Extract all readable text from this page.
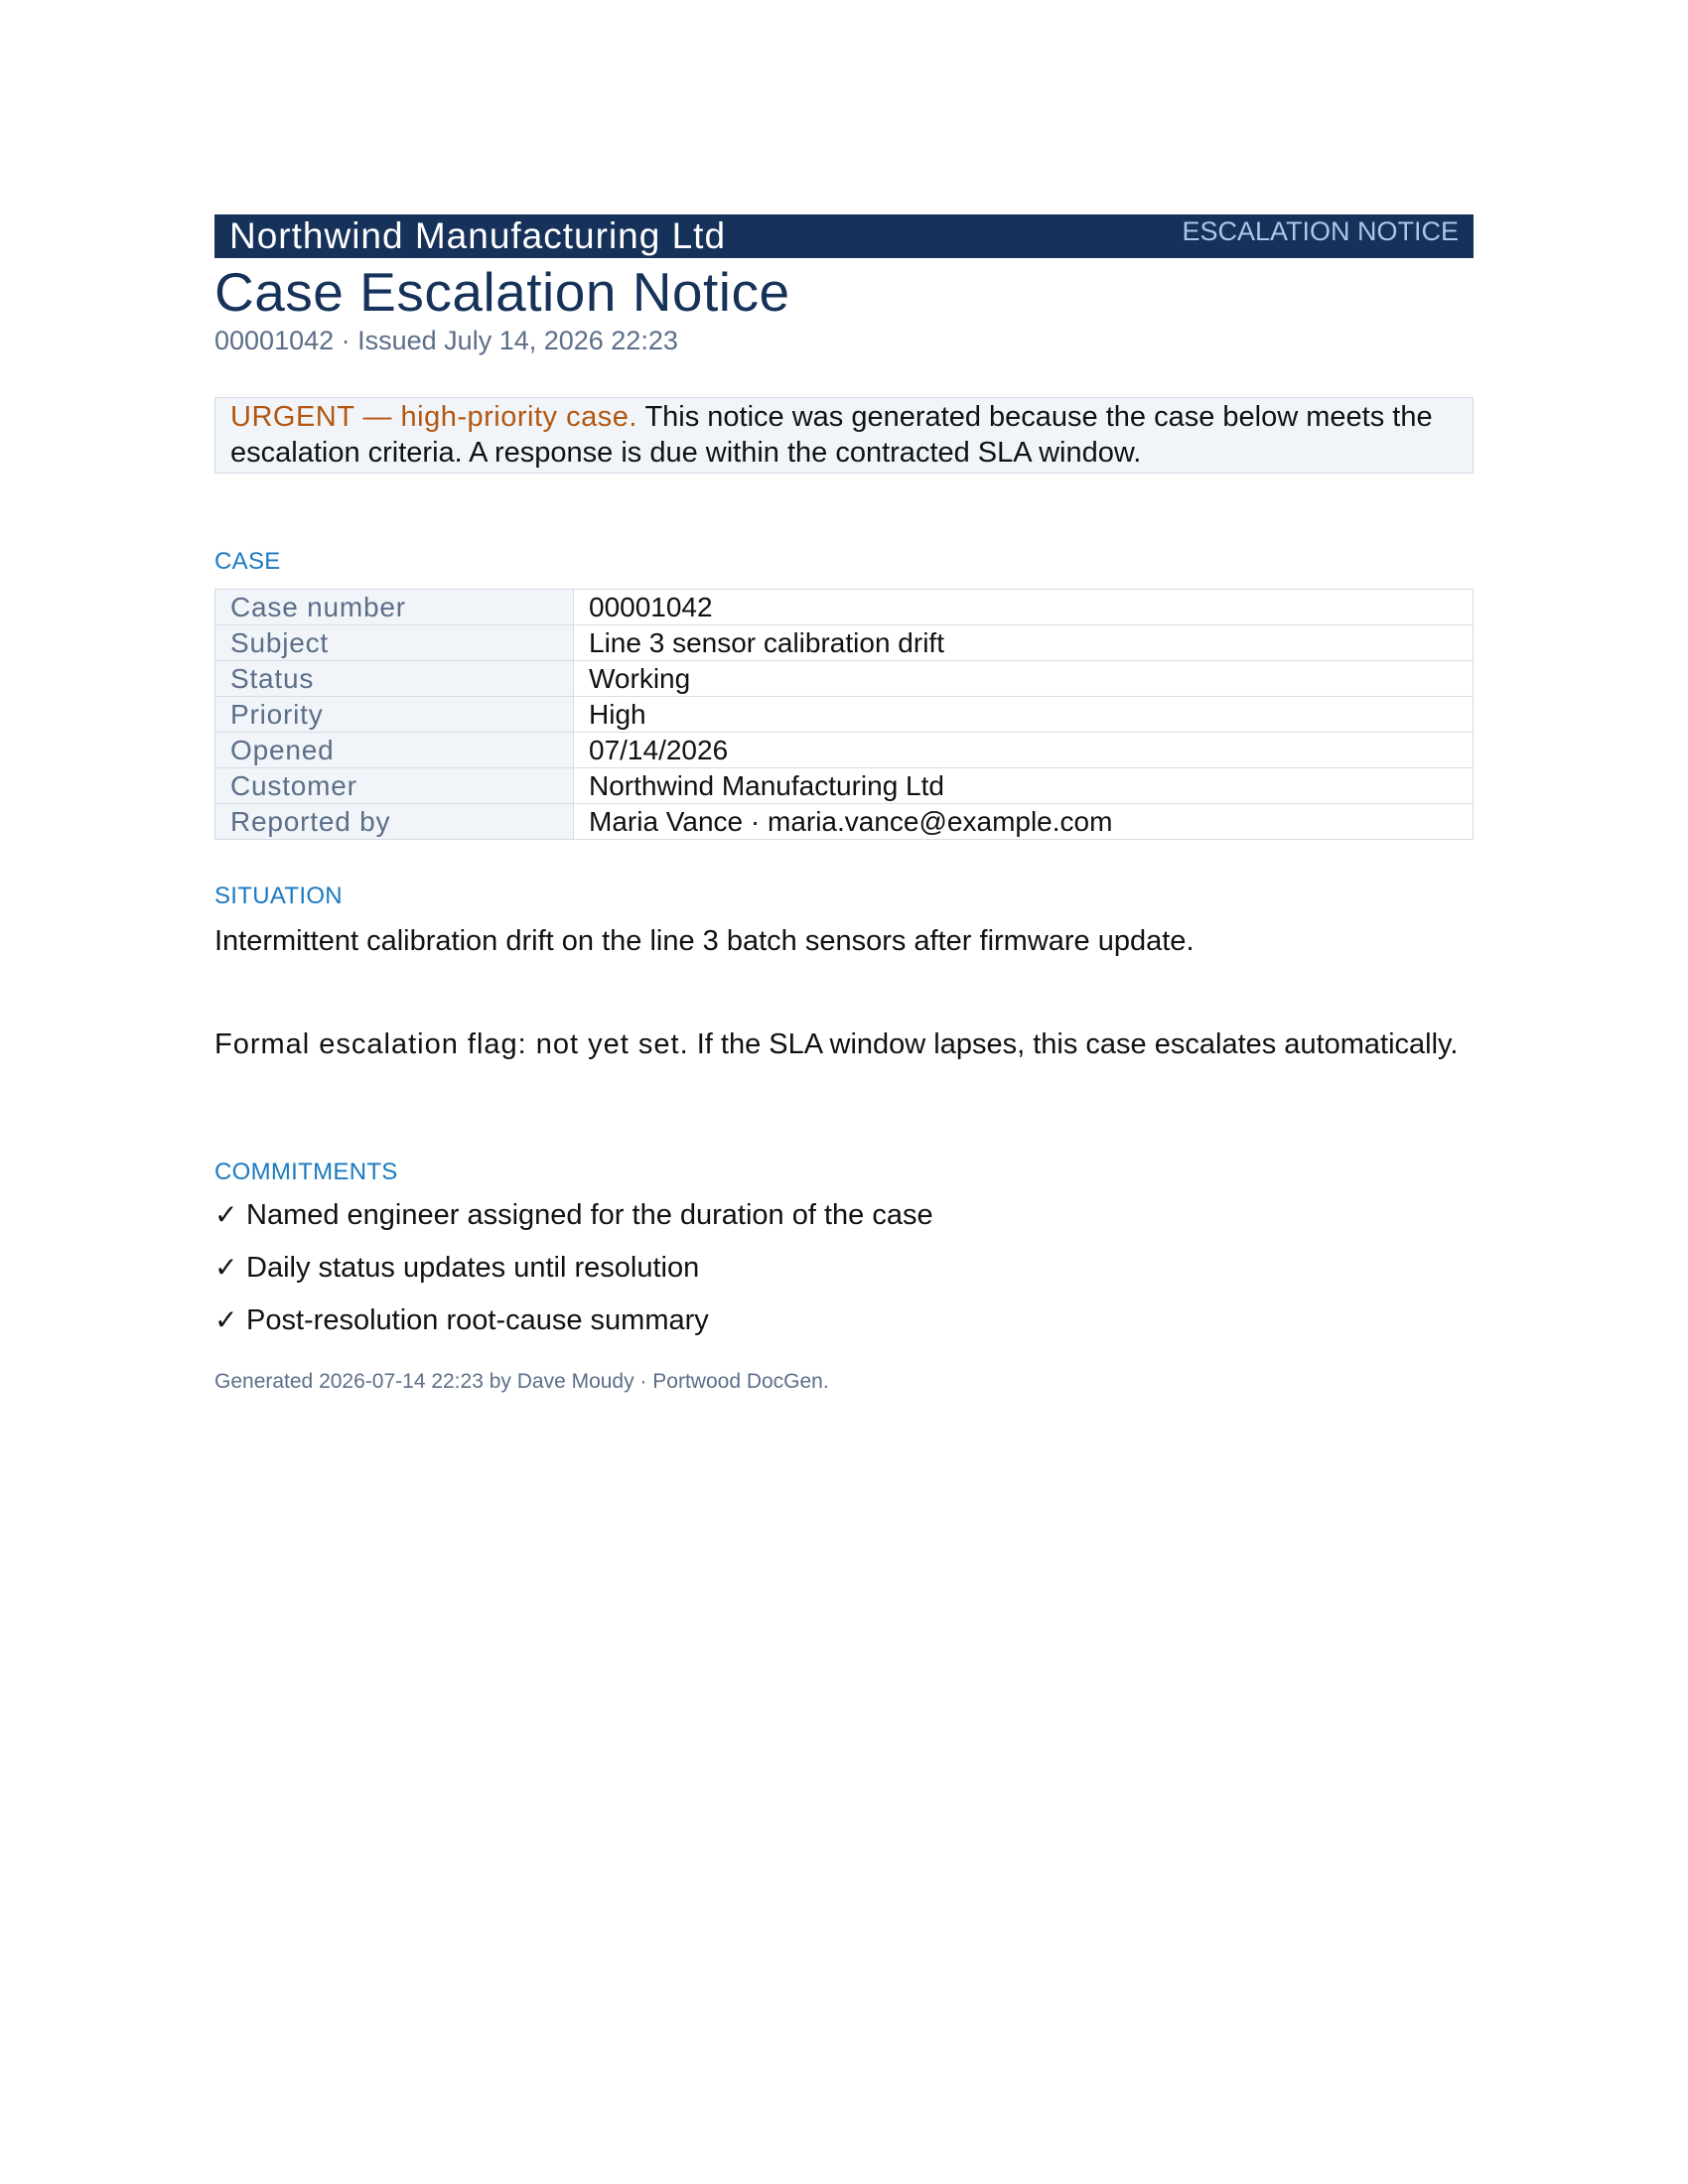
Northwind Manufacturing Ltd	ESCALATION NOTICE
Case Escalation Notice
00001042 · Issued July 14, 2026 22:23
URGENT — high-priority case. This notice was generated because the case below meets the escalation criteria. A response is due within the contracted SLA window.
CASE
Case number	00001042
Subject	Line 3 sensor calibration drift
Status	Working
Priority	High
Opened	07/14/2026
Customer	Northwind Manufacturing Ltd
Reported by	Maria Vance · maria.vance@example.com
SITUATION
Intermittent calibration drift on the line 3 batch sensors after firmware update.
Formal escalation flag: not yet set. If the SLA window lapses, this case escalates automatically.
COMMITMENTS
✓ Named engineer assigned for the duration of the case
✓ Daily status updates until resolution
✓ Post-resolution root-cause summary
Generated 2026-07-14 22:23 by Dave Moudy · Portwood DocGen.
